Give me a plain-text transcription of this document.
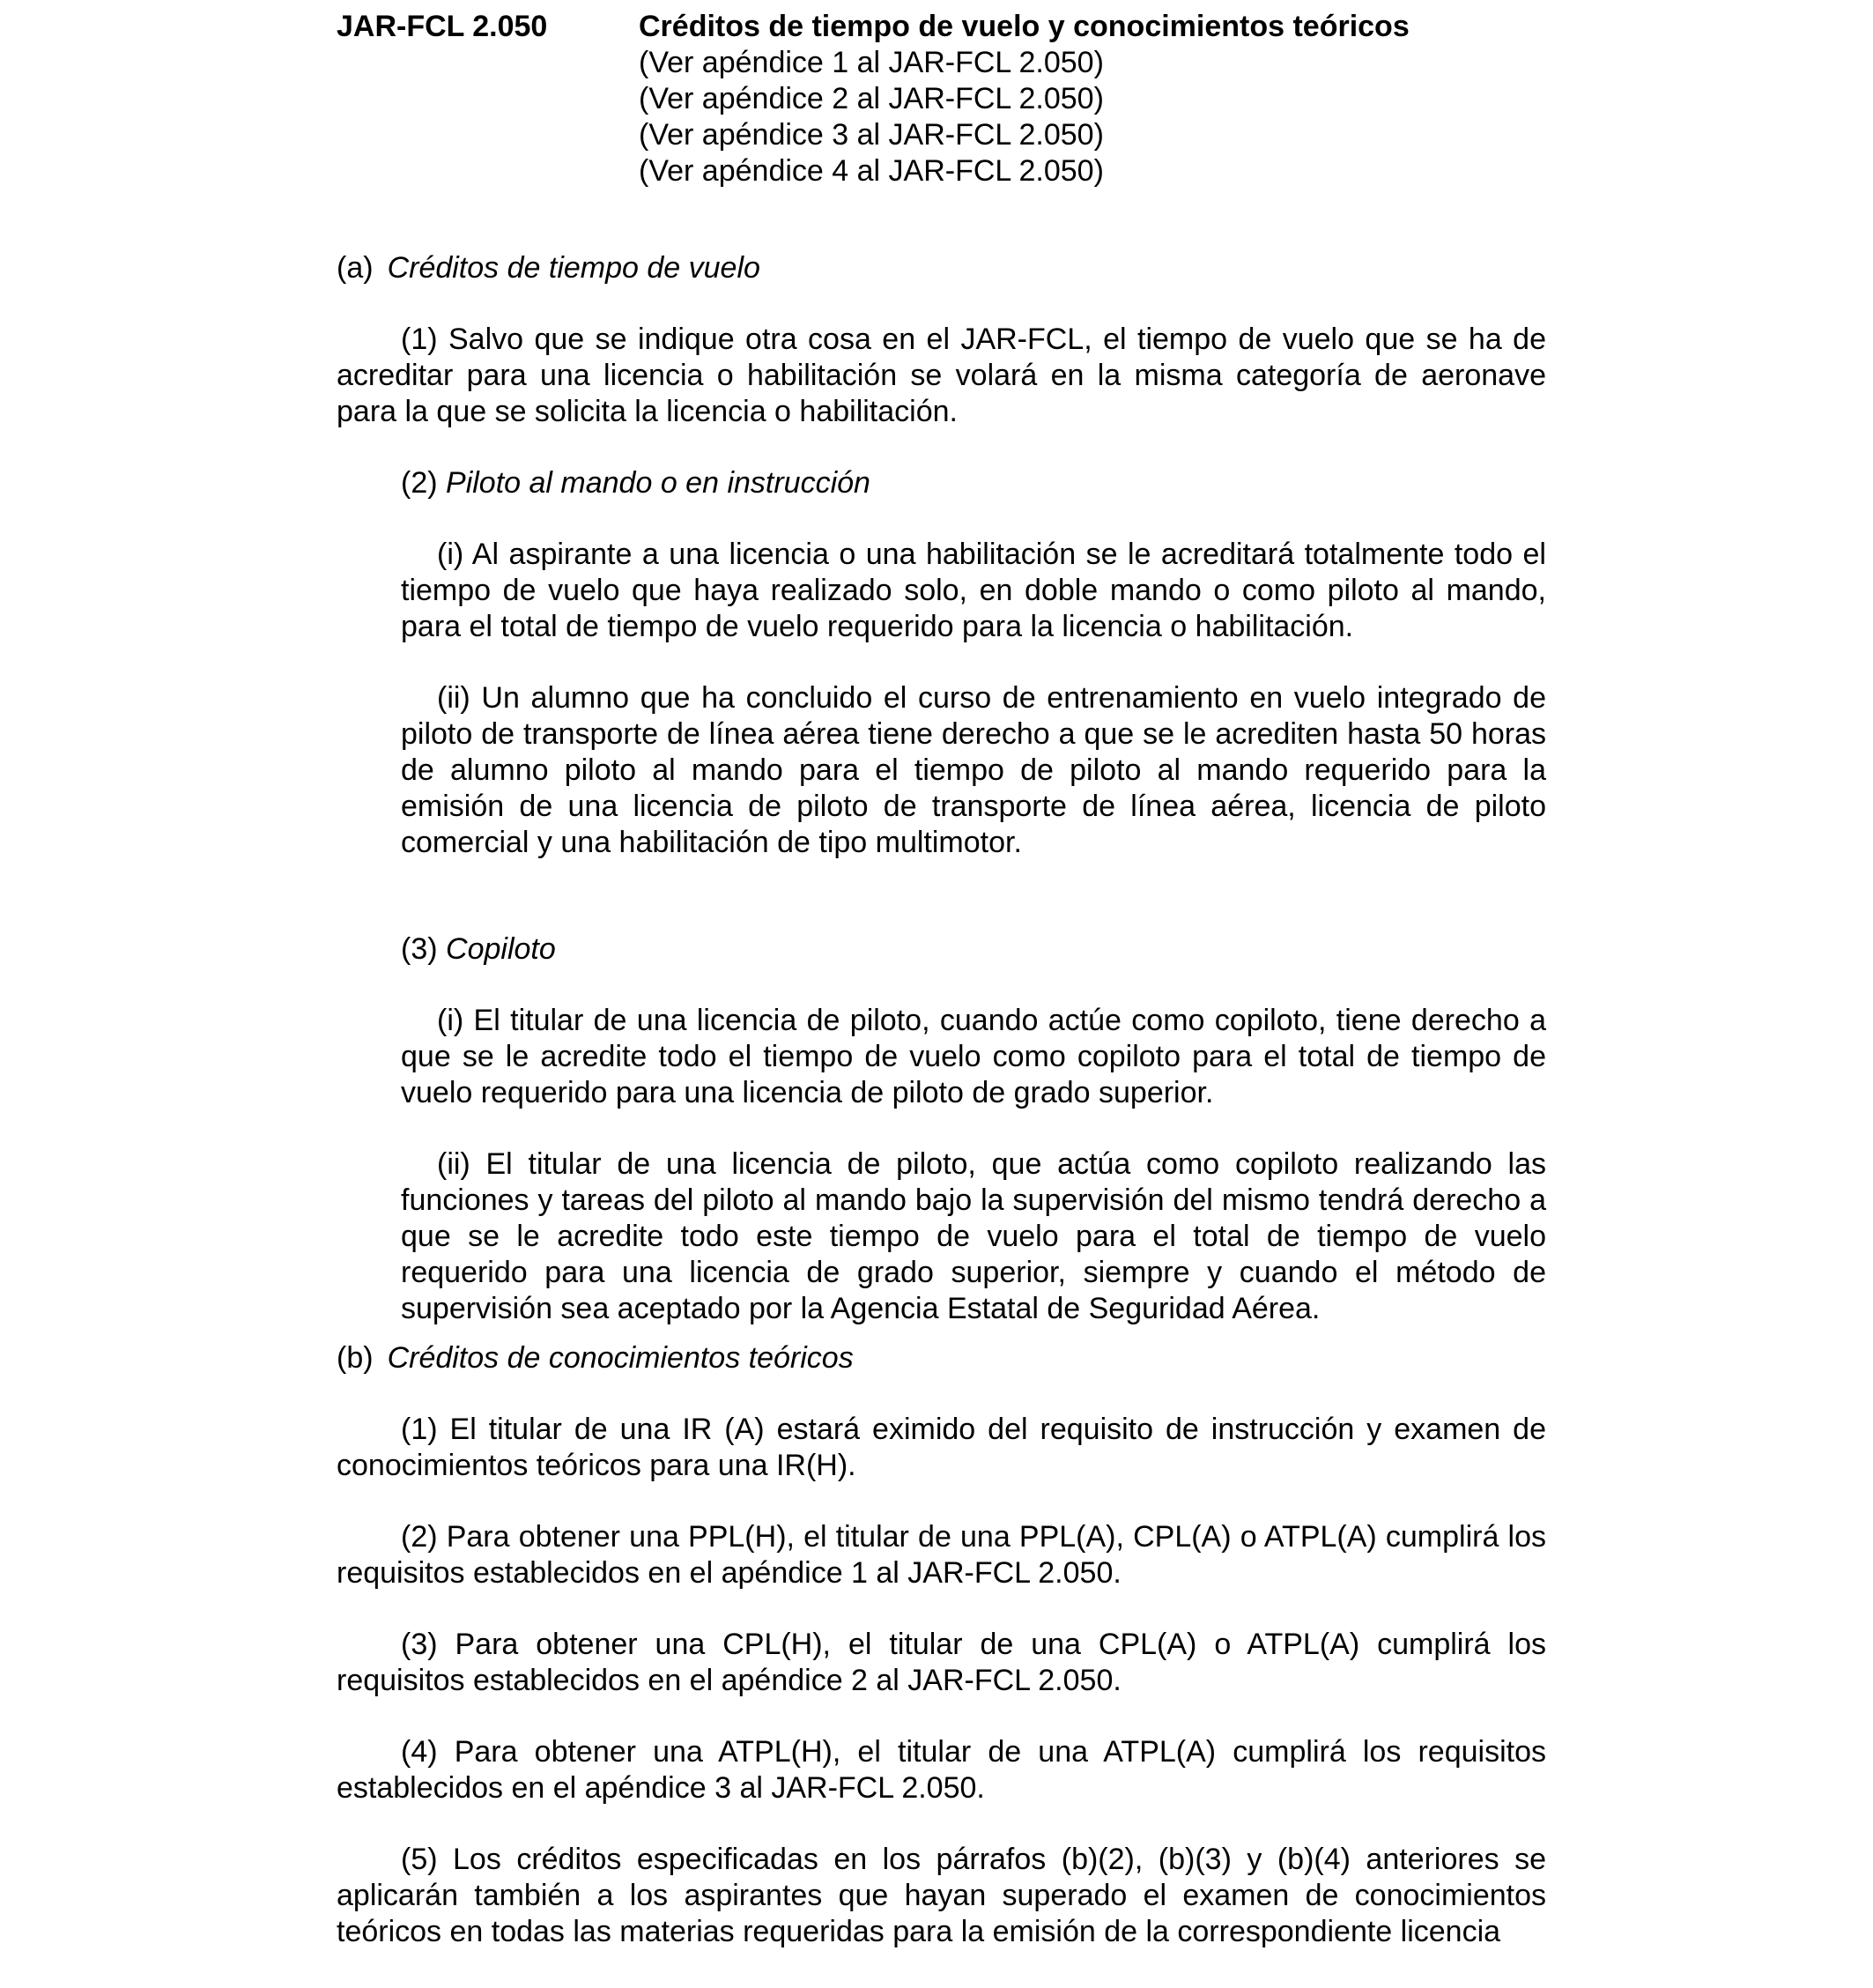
JAR-FCL 2.050	Créditos de tiempo de vuelo y conocimientos teóricos
(Ver apéndice 1 al JAR-FCL 2.050)
(Ver apéndice 2 al JAR-FCL 2.050)
(Ver apéndice 3 al JAR-FCL 2.050)
(Ver apéndice 4 al JAR-FCL 2.050)
(a) Créditos de tiempo de vuelo

(1) Salvo que se indique otra cosa en el JAR-FCL, el tiempo de vuelo que se ha de acreditar para una licencia o habilitación se volará en la misma categoría de aeronave para la que se solicita la licencia o habilitación.

(2) Piloto al mando o en instrucción

(i) Al aspirante a una licencia o una habilitación se le acreditará totalmente todo el tiempo de vuelo que haya realizado solo, en doble mando o como piloto al mando, para el total de tiempo de vuelo requerido para la licencia o habilitación.

(ii) Un alumno que ha concluido el curso de entrenamiento en vuelo integrado de piloto de transporte de línea aérea tiene derecho a que se le acrediten hasta 50 horas de alumno piloto al mando para el tiempo de piloto al mando requerido para la emisión de una licencia de piloto de transporte de línea aérea, licencia de piloto comercial y una habilitación de tipo multimotor.

(3) Copiloto

(i) El titular de una licencia de piloto, cuando actúe como copiloto, tiene derecho a que se le acredite todo el tiempo de vuelo como copiloto para el total de tiempo de vuelo requerido para una licencia de piloto de grado superior.

(ii) El titular de una licencia de piloto, que actúa como copiloto realizando las funciones y tareas del piloto al mando bajo la supervisión del mismo tendrá derecho a que se le acredite todo este tiempo de vuelo para el total de tiempo de vuelo requerido para una licencia de grado superior, siempre y cuando el método de supervisión sea aceptado por la Agencia Estatal de Seguridad Aérea.

(b) Créditos de conocimientos teóricos

(1) El titular de una IR (A) estará eximido del requisito de instrucción y examen de conocimientos teóricos para una IR(H).

(2) Para obtener una PPL(H), el titular de una PPL(A), CPL(A) o ATPL(A) cumplirá los requisitos establecidos en el apéndice 1 al JAR-FCL 2.050.

(3) Para obtener una CPL(H), el titular de una CPL(A) o ATPL(A) cumplirá los requisitos establecidos en el apéndice 2 al JAR-FCL 2.050.

(4) Para obtener una ATPL(H), el titular de una ATPL(A) cumplirá los requisitos establecidos en el apéndice 3 al JAR-FCL 2.050.

(5) Los créditos especificadas en los párrafos (b)(2), (b)(3) y (b)(4) anteriores se aplicarán también a los aspirantes que hayan superado el examen de conocimientos teóricos en todas las materias requeridas para la emisión de la correspondiente licencia
